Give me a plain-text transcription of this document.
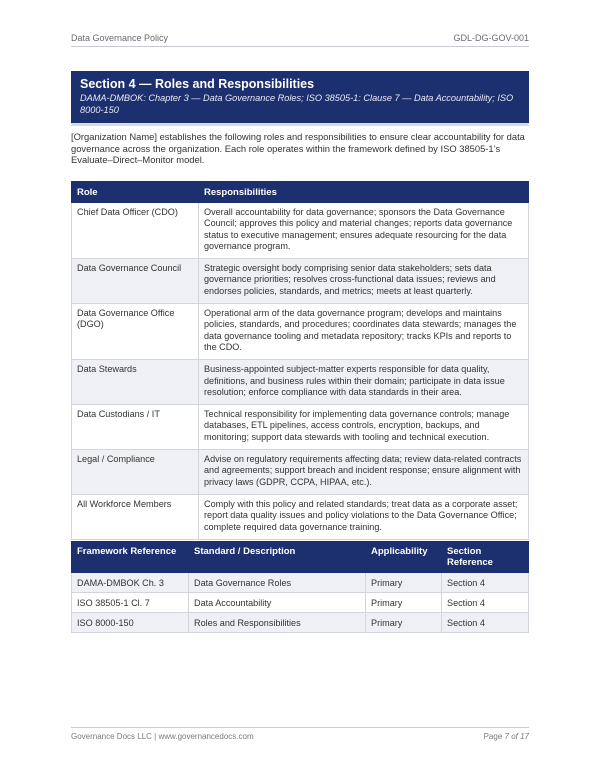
Data Governance Policy	GDL-DG-GOV-001
Section 4 — Roles and Responsibilities
DAMA-DMBOK: Chapter 3 — Data Governance Roles; ISO 38505-1: Clause 7 — Data Accountability; ISO 8000-150

[Organization Name] establishes the following roles and responsibilities to ensure clear accountability for data governance across the organization. Each role operates within the framework defined by ISO 38505-1’s Evaluate–Direct–Monitor model.

Role	Responsibilities
Chief Data Officer (CDO)	Overall accountability for data governance; sponsors the Data Governance Council; approves this policy and material changes; reports data governance status to executive management; ensures adequate resourcing for the data governance program.
Data Governance Council	Strategic oversight body comprising senior data stakeholders; sets data governance priorities; resolves cross-functional data issues; reviews and endorses policies, standards, and metrics; meets at least quarterly.
Data Governance Office (DGO)	Operational arm of the data governance program; develops and maintains policies, standards, and procedures; coordinates data stewards; manages the data governance tooling and metadata repository; tracks KPIs and reports to the CDO.
Data Stewards	Business-appointed subject-matter experts responsible for data quality, definitions, and business rules within their domain; participate in data issue resolution; enforce compliance with data standards in their area.
Data Custodians / IT	Technical responsibility for implementing data governance controls; manage databases, ETL pipelines, access controls, encryption, backups, and monitoring; support data stewards with tooling and technical execution.
Legal / Compliance	Advise on regulatory requirements affecting data; review data-related contracts and agreements; support breach and incident response; ensure alignment with privacy laws (GDPR, CCPA, HIPAA, etc.).
All Workforce Members	Comply with this policy and related standards; treat data as a corporate asset; report data quality issues and policy violations to the Data Governance Office; complete required data governance training.
Framework Reference	Standard / Description	Applicability	Section Reference
DAMA-DMBOK Ch. 3	Data Governance Roles	Primary	Section 4
ISO 38505-1 Cl. 7	Data Accountability	Primary	Section 4
ISO 8000-150	Roles and Responsibilities	Primary	Section 4
Governance Docs LLC | www.governancedocs.com	Page 7 of 17
